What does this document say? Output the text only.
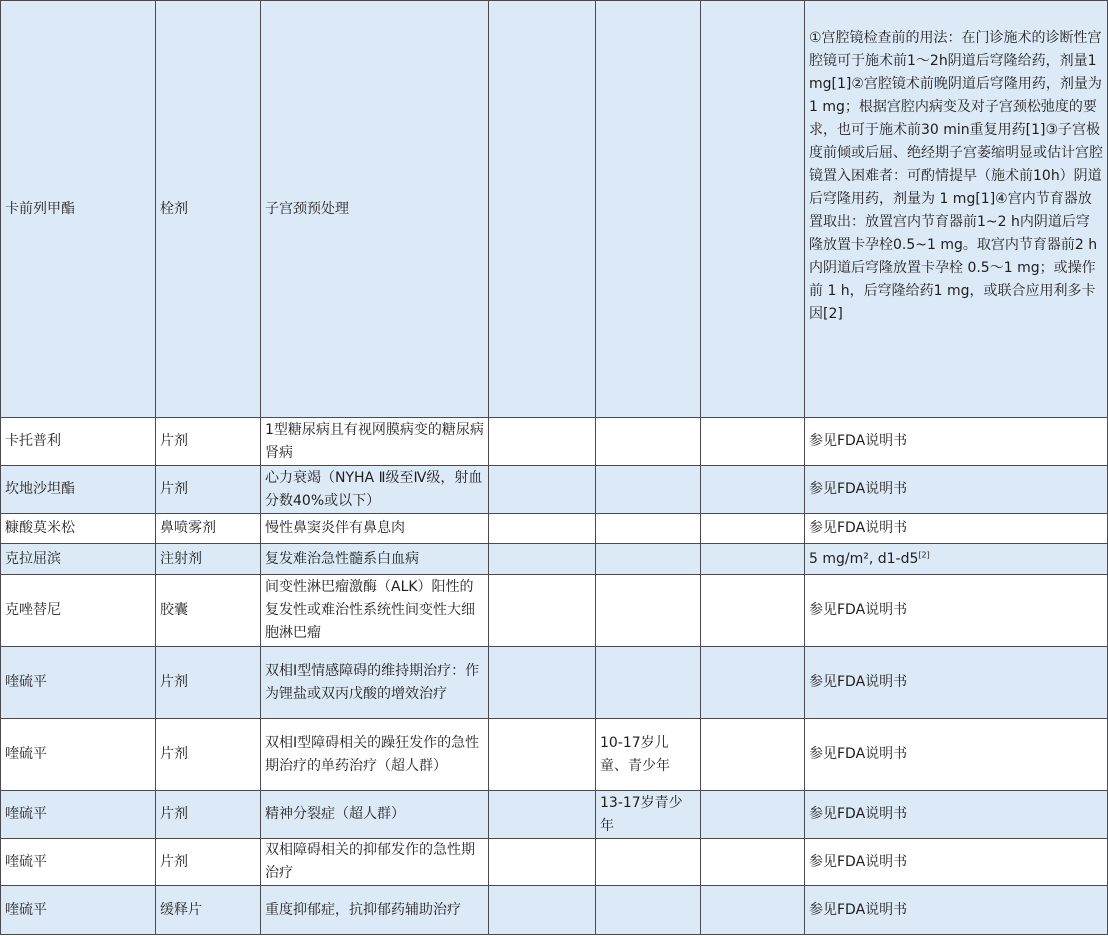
卡前列甲酯	栓剂	子宫颈预处理				①宫腔镜检查前的用法：在门诊施术的诊断性宫腔镜可于施术前1～2h阴道后穹隆给药，剂量1mg[1]②宫腔镜术前晚阴道后穹隆用药，剂量为1 mg；根据宫腔内病变及对子宫颈松弛度的要求，也可于施术前30 min重复用药[1]③子宫极度前倾或后屈、绝经期子宫萎缩明显或估计宫腔镜置入困难者：可酌情提早（施术前10h）阴道后穹隆用药，剂量为 1 mg[1]④宫内节育器放置取出：放置宫内节育器前1~2 h内阴道后穹隆放置卡孕栓0.5~1 mg。取宫内节育器前2 h内阴道后穹隆放置卡孕栓 0.5～1 mg；或操作前 1 h，后穹隆给药1 mg，或联合应用利多卡因[2]
卡托普利	片剂	1型糖尿病且有视网膜病变的糖尿病肾病				参见FDA说明书
坎地沙坦酯	片剂	心力衰竭（NYHA Ⅱ级至Ⅳ级，射血分数40%或以下）				参见FDA说明书
糠酸莫米松	鼻喷雾剂	慢性鼻窦炎伴有鼻息肉				参见FDA说明书
克拉屈滨	注射剂	复发难治急性髓系白血病				5 mg/m², d1-d5[2]
克唑替尼	胶囊	间变性淋巴瘤激酶（ALK）阳性的复发性或难治性系统性间变性大细胞淋巴瘤				参见FDA说明书
喹硫平	片剂	双相I型情感障碍的维持期治疗：作为锂盐或双丙戊酸的增效治疗				参见FDA说明书
喹硫平	片剂	双相Ⅰ型障碍相关的躁狂发作的急性期治疗的单药治疗（超人群）		10-17岁儿童、青少年		参见FDA说明书
喹硫平	片剂	精神分裂症（超人群）		13-17岁青少年		参见FDA说明书
喹硫平	片剂	双相障碍相关的抑郁发作的急性期治疗				参见FDA说明书
喹硫平	缓释片	重度抑郁症，抗抑郁药辅助治疗				参见FDA说明书
